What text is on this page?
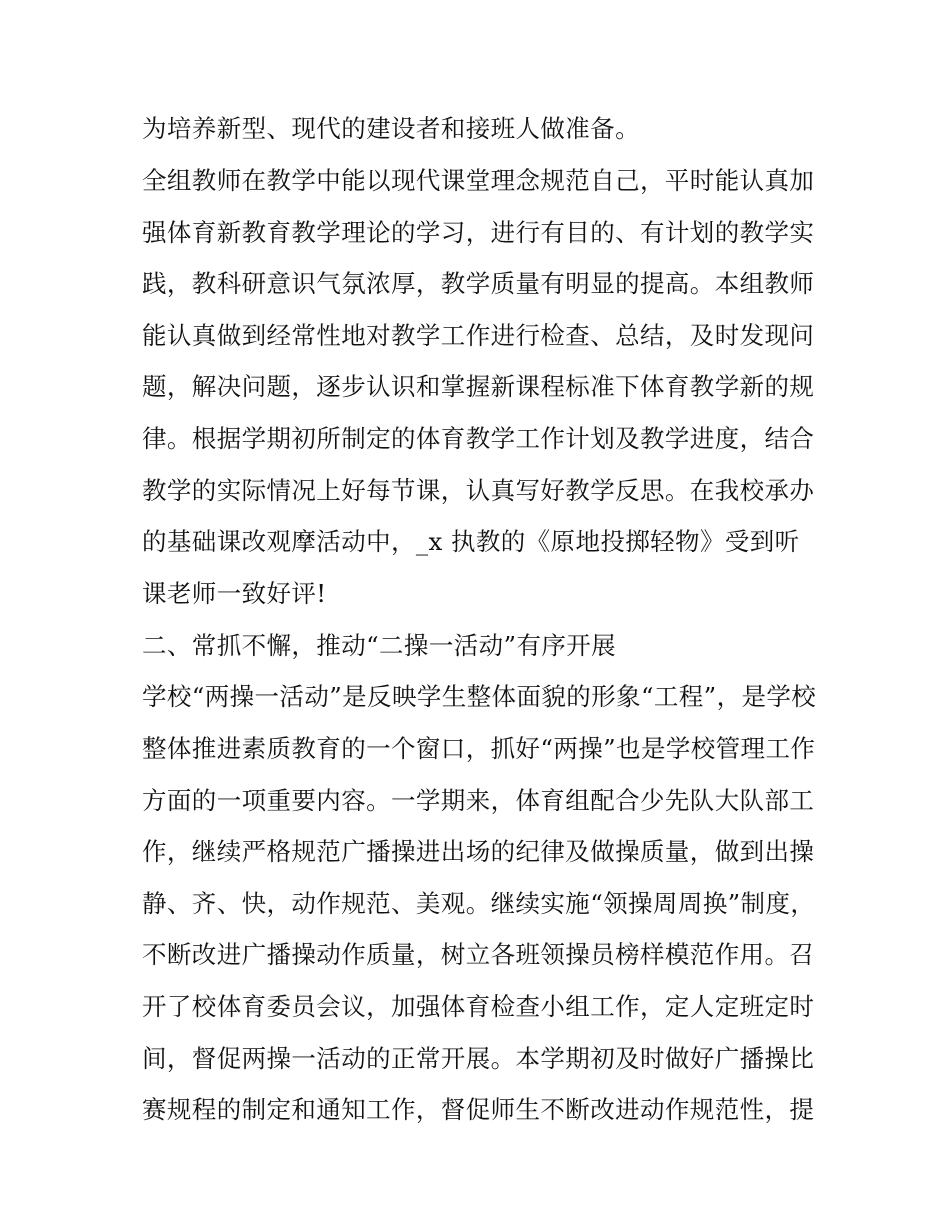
为培养新型、现代的建设者和接班人做准备。
全组教师在教学中能以现代课堂理念规范自己，平时能认真加
强体育新教育教学理论的学习，进行有目的、有计划的教学实
践，教科研意识气氛浓厚，教学质量有明显的提高。本组教师
能认真做到经常性地对教学工作进行检查、总结，及时发现问
题，解决问题，逐步认识和掌握新课程标准下体育教学新的规
律。根据学期初所制定的体育教学工作计划及教学进度，结合
教学的实际情况上好每节课，认真写好教学反思。在我校承办
的基础课改观摩活动中，_x 执教的《原地投掷轻物》受到听
课老师一致好评!
二、常抓不懈，推动“二操一活动”有序开展
学校“两操一活动”是反映学生整体面貌的形象“工程”，是学校
整体推进素质教育的一个窗口，抓好“两操”也是学校管理工作
方面的一项重要内容。一学期来，体育组配合少先队大队部工
作，继续严格规范广播操进出场的纪律及做操质量，做到出操
静、齐、快，动作规范、美观。继续实施“领操周周换”制度，
不断改进广播操动作质量，树立各班领操员榜样模范作用。召
开了校体育委员会议，加强体育检查小组工作，定人定班定时
间，督促两操一活动的正常开展。本学期初及时做好广播操比
赛规程的制定和通知工作，督促师生不断改进动作规范性，提
